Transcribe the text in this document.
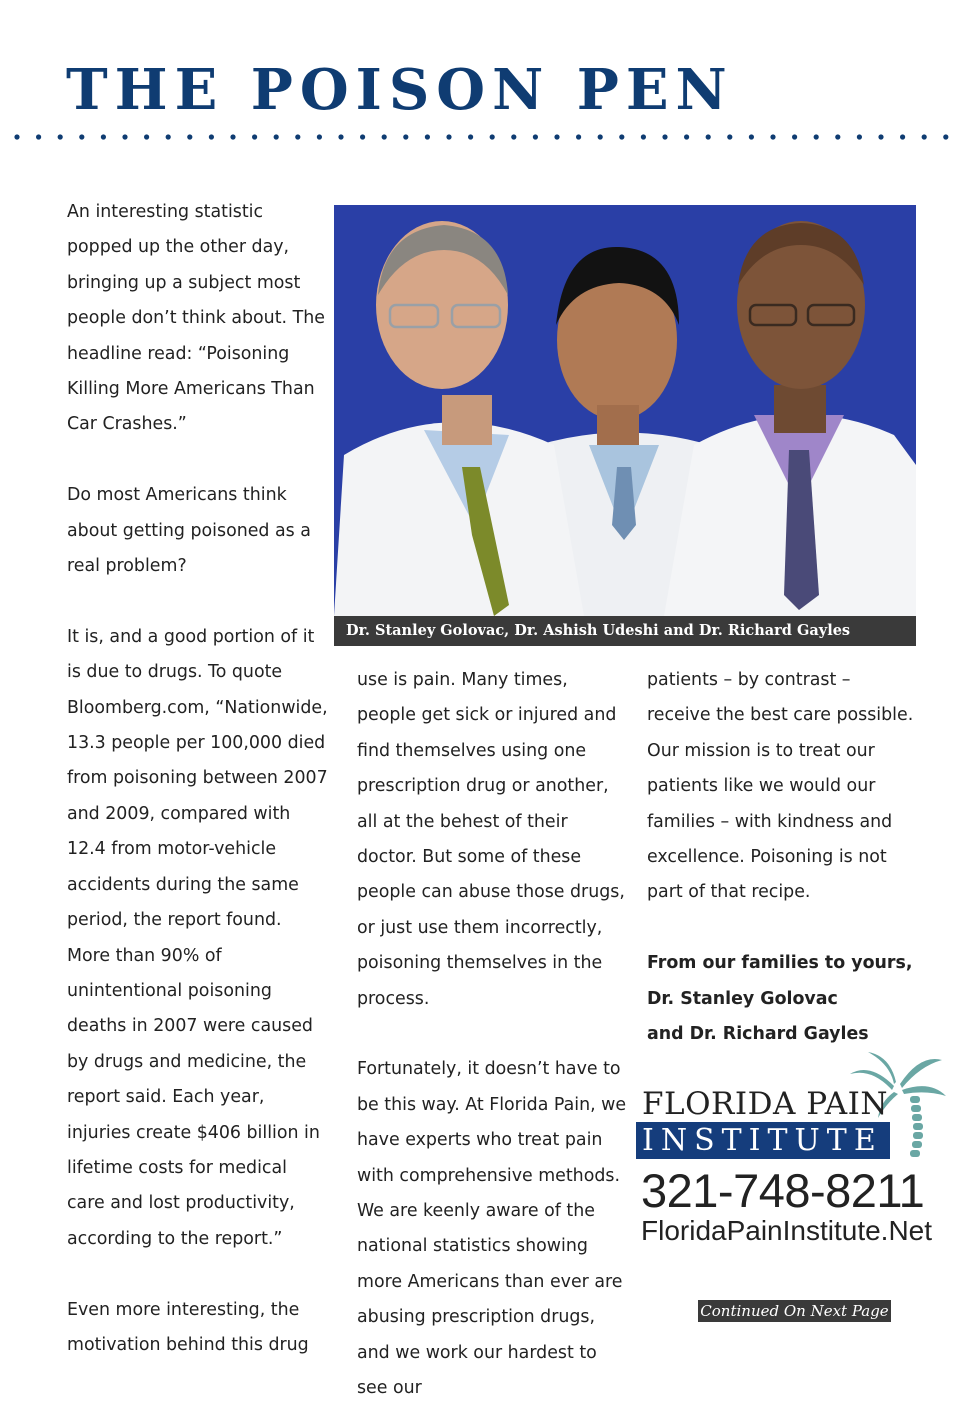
THE POISON PEN

An interesting statistic popped up the other day, bringing up a subject most people don’t think about. The headline read: “Poisoning Killing More Americans Than Car Crashes.”

Do most Americans think about getting poisoned as a real problem?

It is, and a good portion of it is due to drugs. To quote Bloomberg.com, “Nationwide, 13.3 people per 100,000 died from poisoning between 2007 and 2009, compared with 12.4 from motor-vehicle accidents during the same period, the report found. More than 90% of unintentional poisoning deaths in 2007 were caused by drugs and medicine, the report said. Each year, injuries create $406 billion in lifetime costs for medical care and lost productivity, according to the report.”

Even more interesting, the motivation behind this drug

Dr. Stanley Golovac, Dr. Ashish Udeshi and Dr. Richard Gayles

use is pain. Many times, people get sick or injured and find themselves using one prescription drug or another, all at the behest of their doctor. But some of these people can abuse those drugs, or just use them incorrectly, poisoning themselves in the process.

Fortunately, it doesn’t have to be this way. At Florida Pain, we have experts who treat pain with comprehensive methods. We are keenly aware of the national statistics showing more Americans than ever are abusing prescription drugs, and we work our hardest to see our

patients – by contrast – receive the best care possible. Our mission is to treat our patients like we would our families – with kindness and excellence. Poisoning is not part of that recipe.

From our families to yours,
Dr. Stanley Golovac
and Dr. Richard Gayles

FLORIDA PAIN
INSTITUTE
321-748-8211
FloridaPainInstitute.Net
Continued On Next Page
